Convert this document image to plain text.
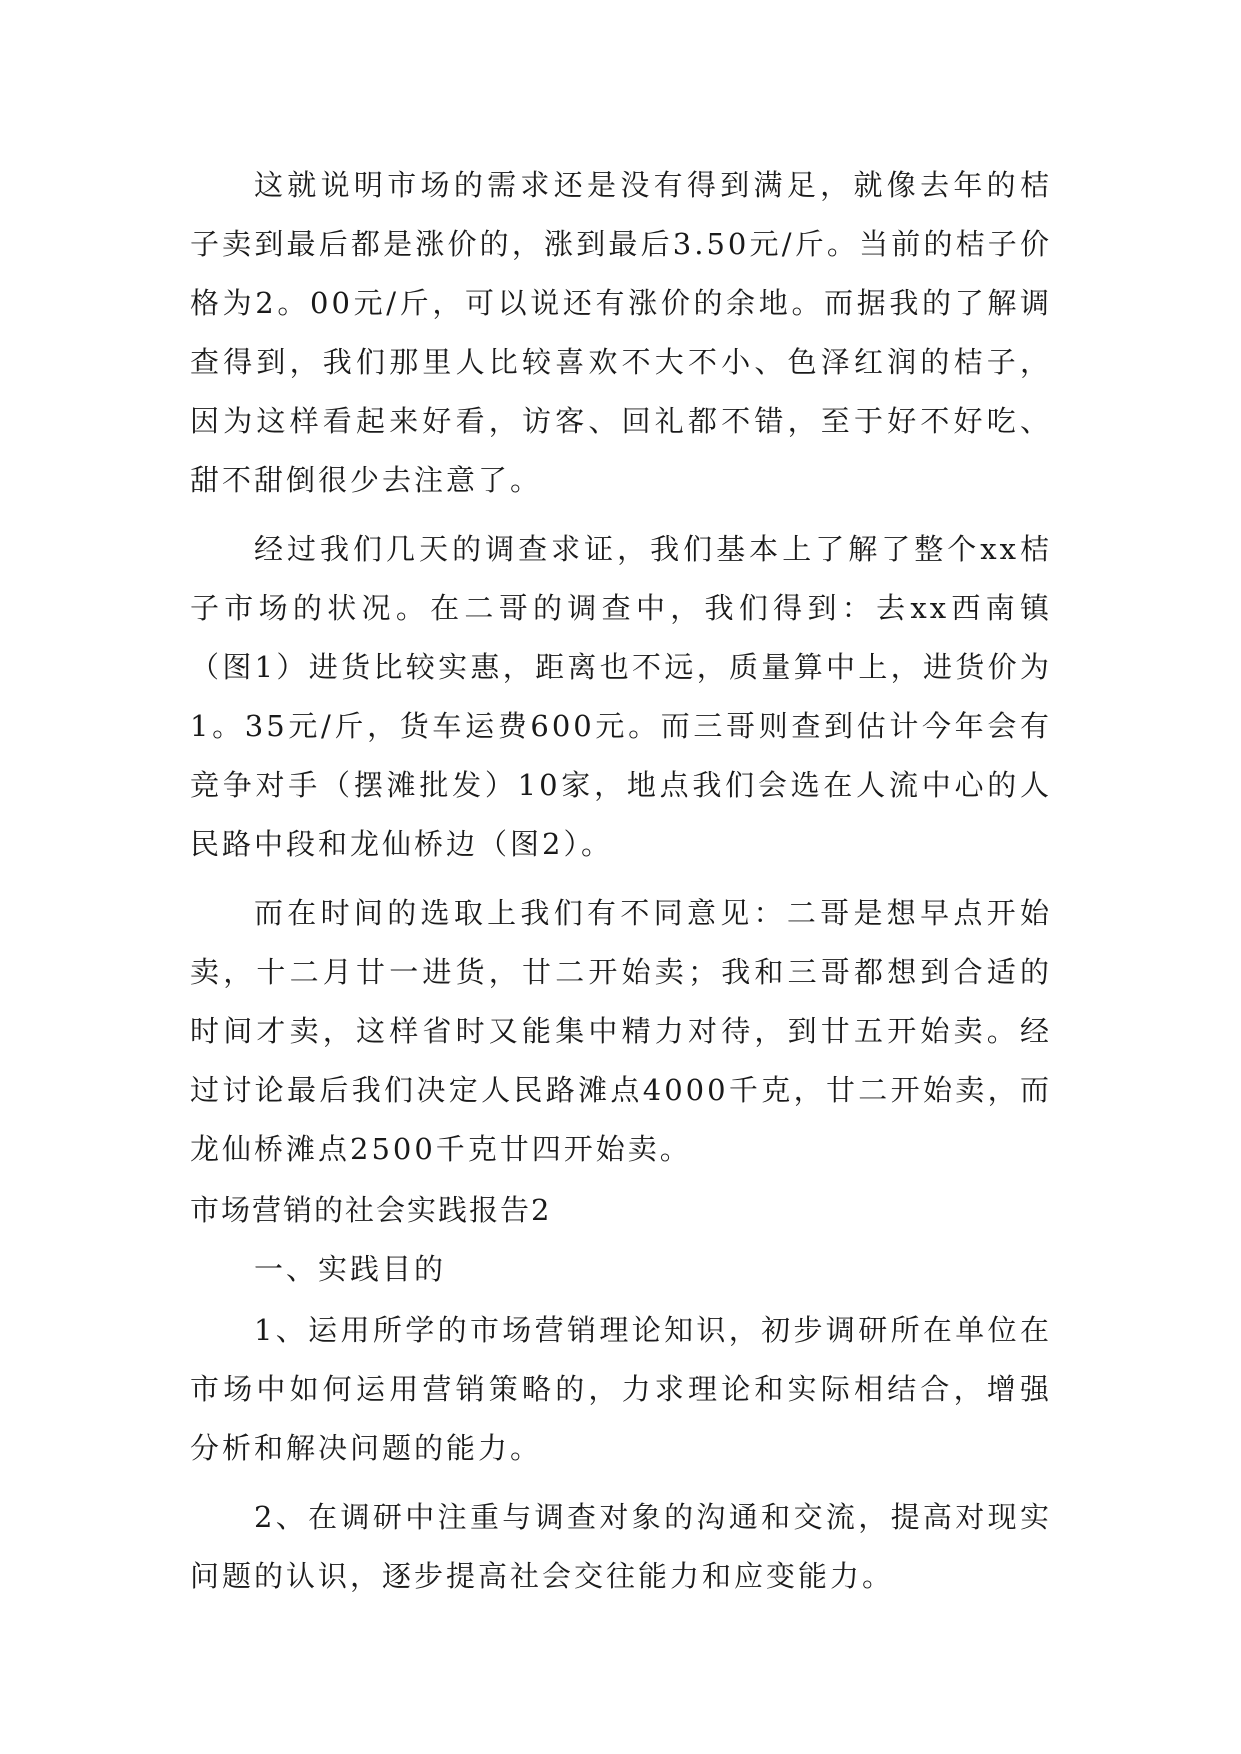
这就说明市场的需求还是没有得到满足，就像去年的桔子卖到最后都是涨价的，涨到最后3.50元/斤。当前的桔子价格为2。00元/斤，可以说还有涨价的余地。而据我的了解调查得到，我们那里人比较喜欢不大不小、色泽红润的桔子，因为这样看起来好看，访客、回礼都不错，至于好不好吃、甜不甜倒很少去注意了。

经过我们几天的调查求证，我们基本上了解了整个xx桔子市场的状况。在二哥的调查中，我们得到：去xx西南镇（图1）进货比较实惠，距离也不远，质量算中上，进货价为1。35元/斤，货车运费600元。而三哥则查到估计今年会有竞争对手（摆滩批发）10家，地点我们会选在人流中心的人民路中段和龙仙桥边（图2）。

而在时间的选取上我们有不同意见：二哥是想早点开始卖，十二月廿一进货，廿二开始卖；我和三哥都想到合适的时间才卖，这样省时又能集中精力对待，到廿五开始卖。经过讨论最后我们决定人民路滩点4000千克，廿二开始卖，而龙仙桥滩点2500千克廿四开始卖。

市场营销的社会实践报告2

一、实践目的

1、运用所学的市场营销理论知识，初步调研所在单位在市场中如何运用营销策略的，力求理论和实际相结合，增强分析和解决问题的能力。

2、在调研中注重与调查对象的沟通和交流，提高对现实问题的认识，逐步提高社会交往能力和应变能力。
